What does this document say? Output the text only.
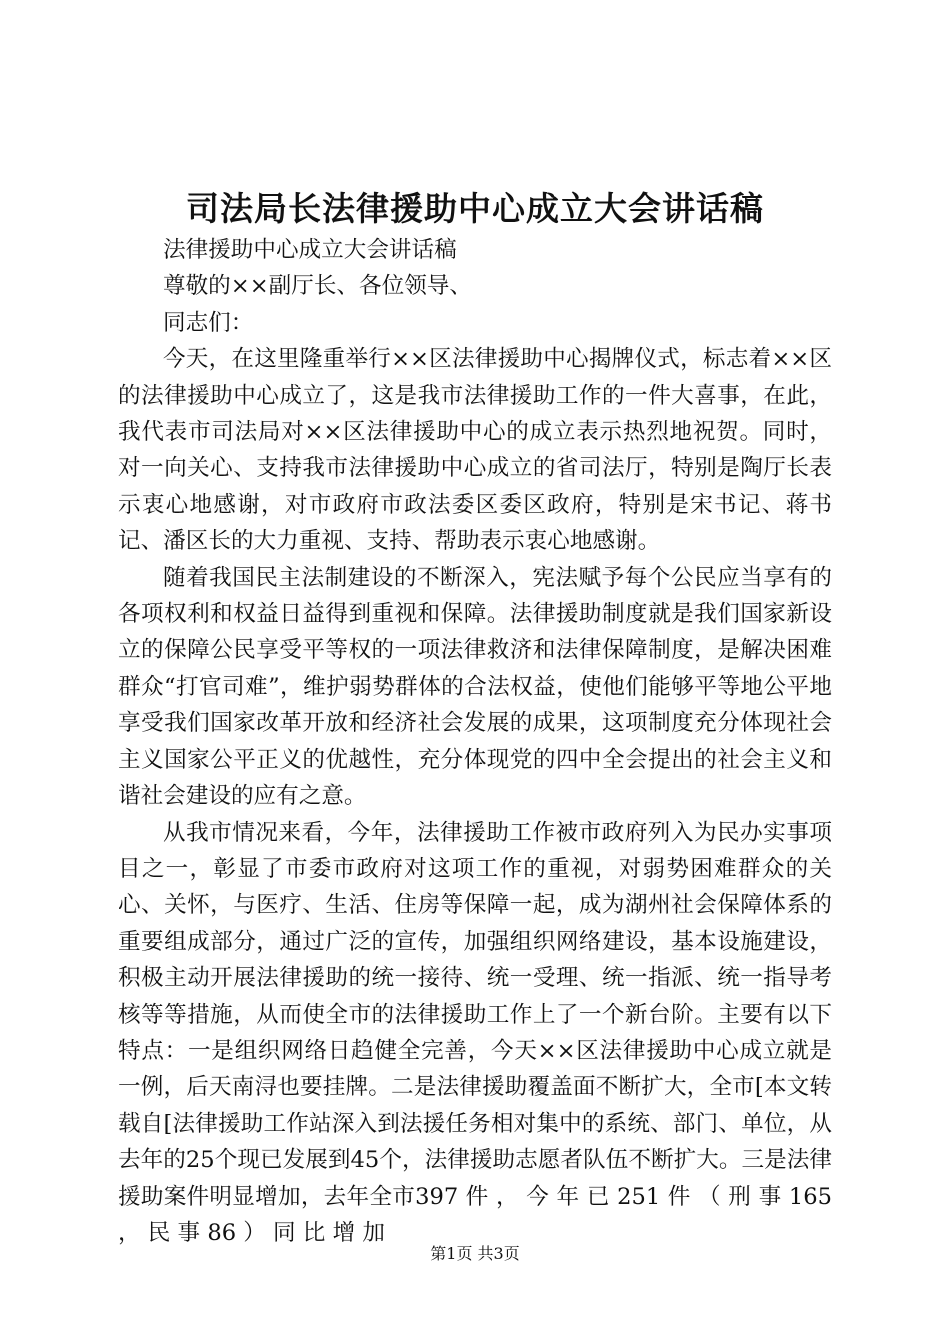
司法局长法律援助中心成立大会讲话稿

法律援助中心成立大会讲话稿

尊敬的××副厅长、各位领导、

同志们：

今天，在这里隆重举行××区法律援助中心揭牌仪式，标志着××区的法律援助中心成立了，这是我市法律援助工作的一件大喜事，在此，我代表市司法局对××区法律援助中心的成立表示热烈地祝贺。同时，对一向关心、支持我市法律援助中心成立的省司法厅，特别是陶厅长表示衷心地感谢，对市政府市政法委区委区政府，特别是宋书记、蒋书记、潘区长的大力重视、支持、帮助表示衷心地感谢。

随着我国民主法制建设的不断深入，宪法赋予每个公民应当享有的各项权利和权益日益得到重视和保障。法律援助制度就是我们国家新设立的保障公民享受平等权的一项法律救济和法律保障制度，是解决困难群众“打官司难”，维护弱势群体的合法权益，使他们能够平等地公平地享受我们国家改革开放和经济社会发展的成果，这项制度充分体现社会主义国家公平正义的优越性，充分体现党的四中全会提出的社会主义和谐社会建设的应有之意。

从我市情况来看，今年，法律援助工作被市政府列入为民办实事项目之一，彰显了市委市政府对这项工作的重视，对弱势困难群众的关心、关怀，与医疗、生活、住房等保障一起，成为湖州社会保障体系的重要组成部分，通过广泛的宣传，加强组织网络建设，基本设施建设，积极主动开展法律援助的统一接待、统一受理、统一指派、统一指导考核等等措施，从而使全市的法律援助工作上了一个新台阶。主要有以下特点：一是组织网络日趋健全完善，今天××区法律援助中心成立就是一例，后天南浔也要挂牌。二是法律援助覆盖面不断扩大，全市[本文转载自[法律援助工作站深入到法援任务相对集中的系统、部门、单位，从去年的25个现已发展到45个，法律援助志愿者队伍不断扩大。三是法律援助案件明显增加，去年全市397 件 ， 今 年 已 251 件 （ 刑 事 165 ， 民 事 86 ） 同 比 增 加

第1页 共3页
